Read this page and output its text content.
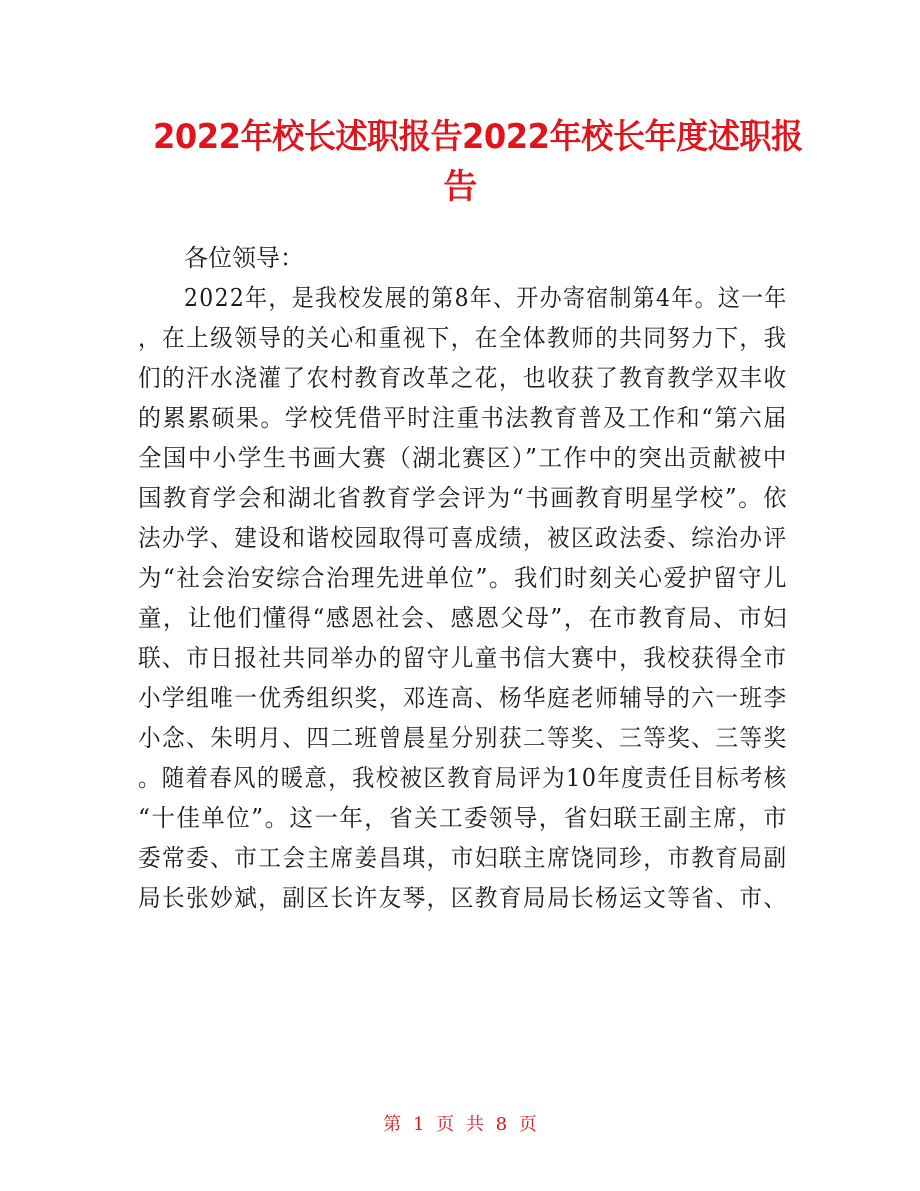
2022年校长述职报告2022年校长年度述职报
告
各位领导：
2022年，是我校发展的第8年、开办寄宿制第4年。这一年
，在上级领导的关心和重视下，在全体教师的共同努力下，我
们的汗水浇灌了农村教育改革之花，也收获了教育教学双丰收
的累累硕果。学校凭借平时注重书法教育普及工作和“第六届
全国中小学生书画大赛（湖北赛区）”工作中的突出贡献被中
国教育学会和湖北省教育学会评为“书画教育明星学校”。依
法办学、建设和谐校园取得可喜成绩，被区政法委、综治办评
为“社会治安综合治理先进单位”。我们时刻关心爱护留守儿
童，让他们懂得“感恩社会、感恩父母”，在市教育局、市妇
联、市日报社共同举办的留守儿童书信大赛中，我校获得全市
小学组唯一优秀组织奖，邓连高、杨华庭老师辅导的六一班李
小念、朱明月、四二班曾晨星分别获二等奖、三等奖、三等奖
。随着春风的暖意，我校被区教育局评为10年度责任目标考核
“十佳单位”。这一年，省关工委领导，省妇联王副主席，市
委常委、市工会主席姜昌琪，市妇联主席饶同珍，市教育局副
局长张妙斌，副区长许友琴，区教育局局长杨运文等省、市、
第 1 页 共 8 页
